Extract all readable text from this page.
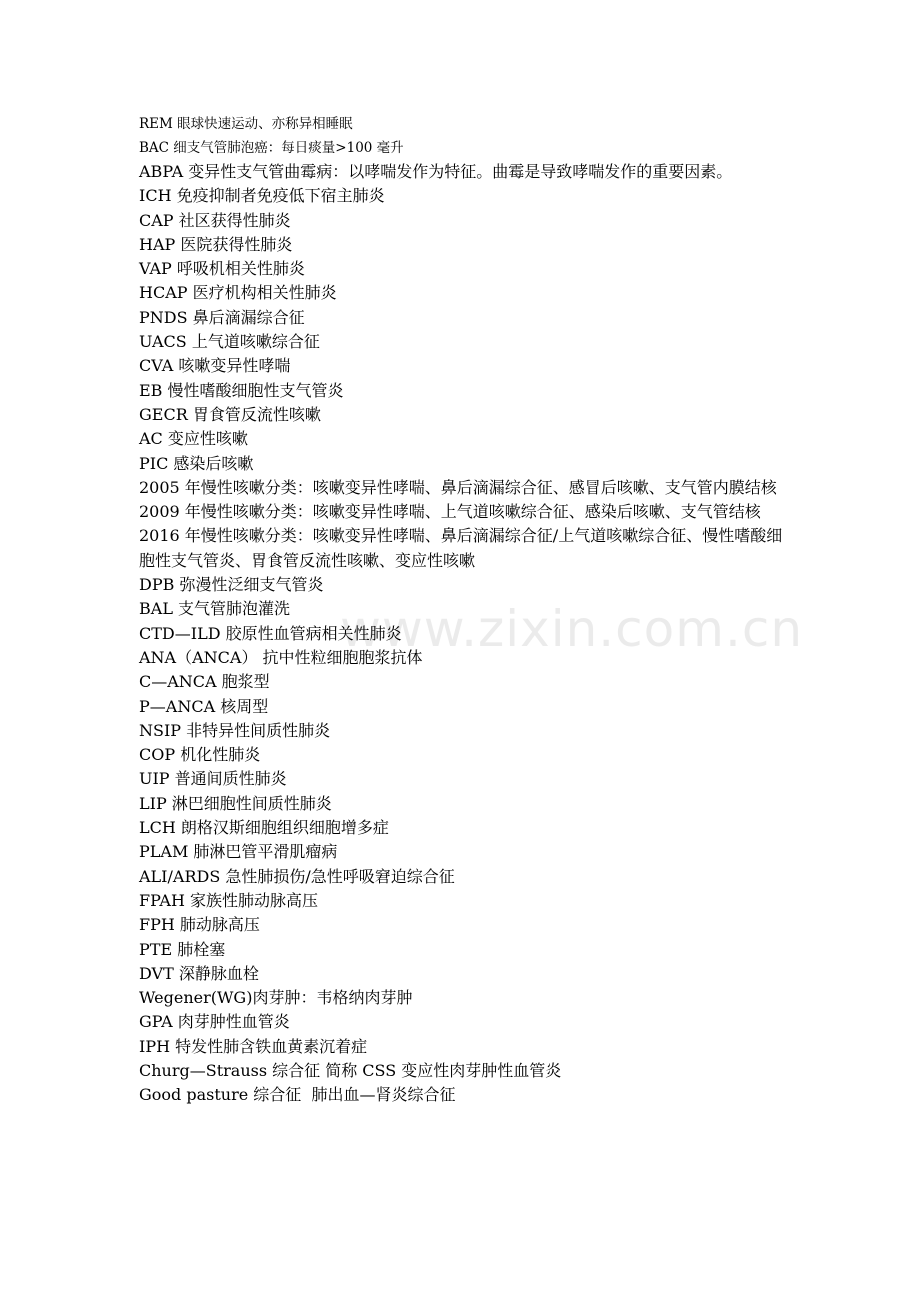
www.zixin.com.cn
REM 眼球快速运动、亦称异相睡眠
BAC 细支气管肺泡癌：每日痰量>100 毫升
ABPA 变异性支气管曲霉病：以哮喘发作为特征。曲霉是导致哮喘发作的重要因素。
ICH 免疫抑制者免疫低下宿主肺炎
CAP 社区获得性肺炎
HAP 医院获得性肺炎
VAP 呼吸机相关性肺炎
HCAP 医疗机构相关性肺炎
PNDS 鼻后滴漏综合征
UACS 上气道咳嗽综合征
CVA 咳嗽变异性哮喘
EB 慢性嗜酸细胞性支气管炎
GECR 胃食管反流性咳嗽
AC 变应性咳嗽
PIC 感染后咳嗽
2005 年慢性咳嗽分类：咳嗽变异性哮喘、鼻后滴漏综合征、感冒后咳嗽、支气管内膜结核
2009 年慢性咳嗽分类：咳嗽变异性哮喘、上气道咳嗽综合征、感染后咳嗽、支气管结核
2016 年慢性咳嗽分类：咳嗽变异性哮喘、鼻后滴漏综合征/上气道咳嗽综合征、慢性嗜酸细胞性支气管炎、胃食管反流性咳嗽、变应性咳嗽
DPB 弥漫性泛细支气管炎
BAL 支气管肺泡灌洗
CTD—ILD 胶原性血管病相关性肺炎
ANA（ANCA） 抗中性粒细胞胞浆抗体
C—ANCA 胞浆型
P—ANCA 核周型
NSIP 非特异性间质性肺炎
COP 机化性肺炎
UIP 普通间质性肺炎
LIP 淋巴细胞性间质性肺炎
LCH 朗格汉斯细胞组织细胞增多症
PLAM 肺淋巴管平滑肌瘤病
ALI/ARDS 急性肺损伤/急性呼吸窘迫综合征
FPAH 家族性肺动脉高压
FPH 肺动脉高压
PTE 肺栓塞
DVT 深静脉血栓
Wegener(WG)肉芽肿：韦格纳肉芽肿
GPA 肉芽肿性血管炎
IPH 特发性肺含铁血黄素沉着症
Churg—Strauss 综合征 简称 CSS 变应性肉芽肿性血管炎
Good pasture 综合征  肺出血—肾炎综合征
